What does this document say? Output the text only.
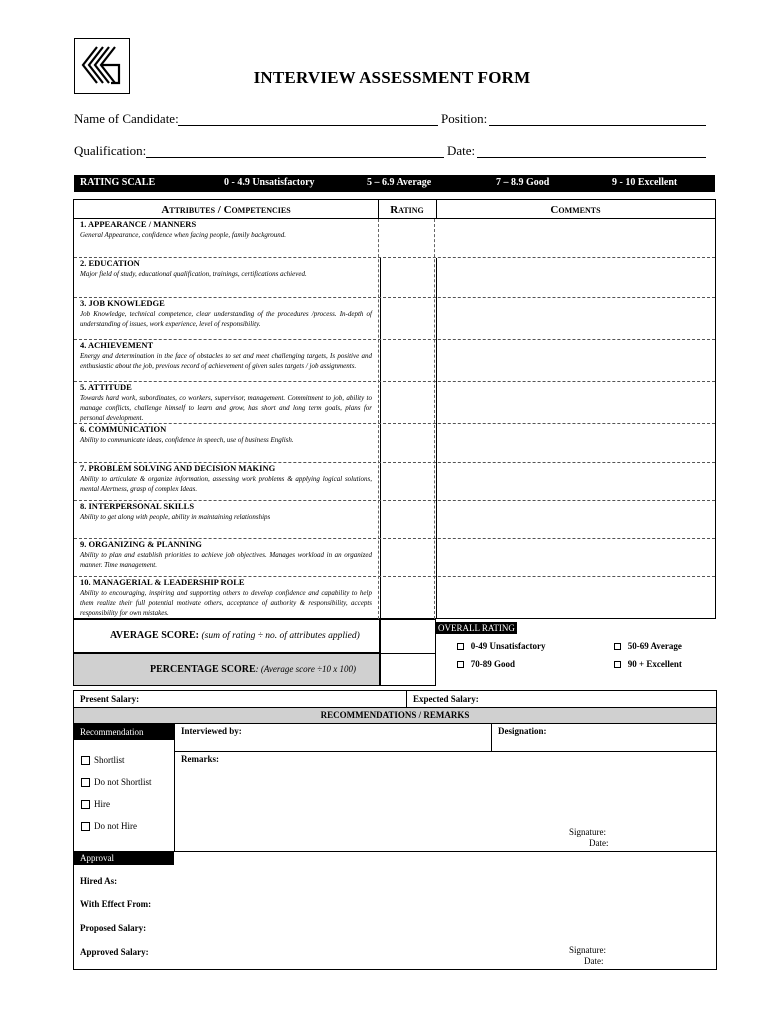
INTERVIEW ASSESSMENT FORM
Name of Candidate:	Position:
Qualification:	Date:
RATING SCALE	0 - 4.9 Unsatisfactory	5 – 6.9 Average	7 – 8.9 Good	9 - 10 Excellent
Attributes / Competencies	Rating	Comments
1. APPEARANCE / MANNERS
General Appearance, confidence when facing people, family background.
2. EDUCATION
Major field of study, educational qualification, trainings, certifications achieved.
3. JOB KNOWLEDGE
Job Knowledge, technical competence, clear understanding of the procedures /process. In-depth of understanding of issues, work experience, level of responsibility.
4. ACHIEVEMENT
Energy and determination in the face of obstacles to set and meet challenging targets, Is positive and enthusiastic about the job, previous record of achievement of given sales targets / job assignments.
5. ATTITUDE
Towards hard work, subordinates, co workers, supervisor, management. Commitment to job, ability to manage conflicts, challenge himself to learn and grow, has short and long term goals, plans for personal development.
6. COMMUNICATION
Ability to communicate ideas, confidence in speech, use of business English.
7. PROBLEM SOLVING AND DECISION MAKING
Ability to articulate & organize information, assessing work problems & applying logical solutions, mental Alertness, grasp of complex Ideas.
8. INTERPERSONAL SKILLS
Ability to get along with people, ability in maintaining relationships
9. ORGANIZING & PLANNING
Ability to plan and establish priorities to achieve job objectives. Manages workload in an organized manner. Time management.
10. MANAGERIAL & LEADERSHIP ROLE
Ability to encouraging, inspiring and supporting others to develop confidence and capability to help them realize their full potential motivate others, acceptance of authority & responsibility, accepts responsibility for own mistakes.
AVERAGE SCORE: (sum of rating ÷ no. of attributes applied)
PERCENTAGE SCORE: (Average score ÷10 x 100)
OVERALL RATING
0-49 Unsatisfactory	50-69 Average
70-89 Good	90 + Excellent
Present Salary:	Expected Salary:
RECOMMENDATIONS / REMARKS
Recommendation	Interviewed by:	Designation:
Remarks:
Shortlist
Do not Shortlist
Hire
Do not Hire
Signature:
Date:
Approval
Hired As:
With Effect From:
Proposed Salary:
Approved Salary:	Signature:
Date:
